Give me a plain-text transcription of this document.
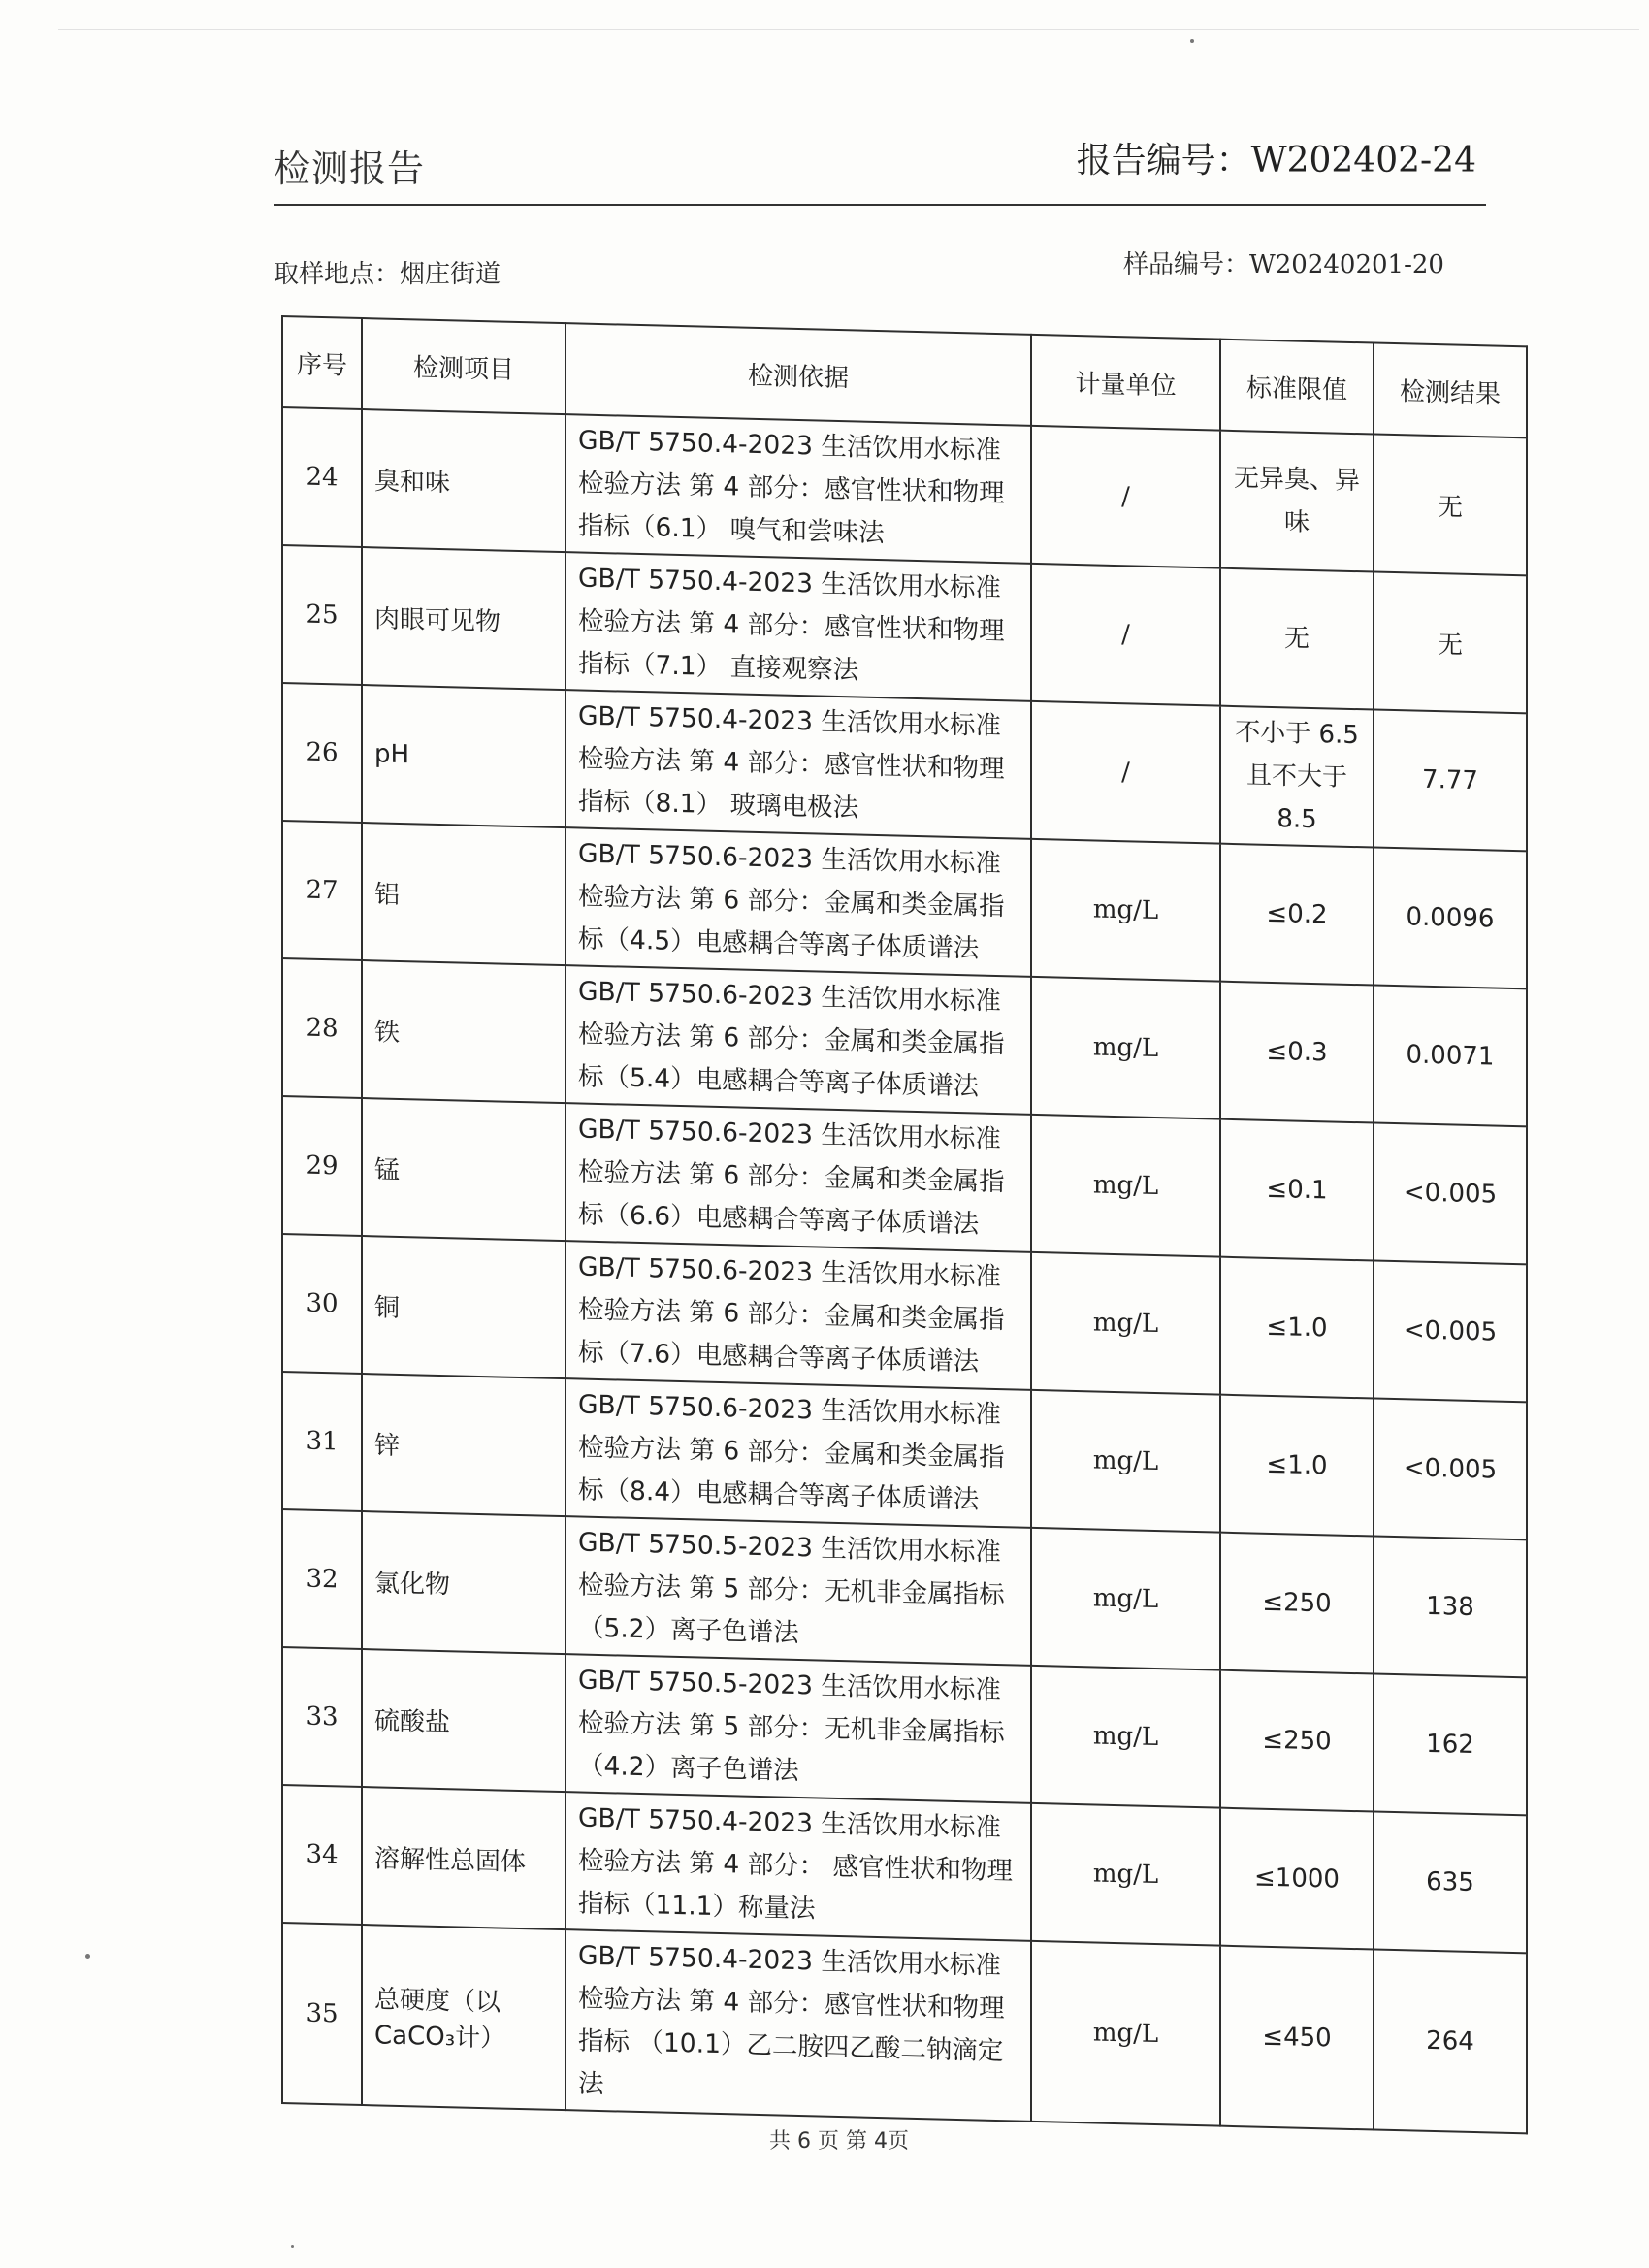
检测报告	报告编号：W202402-24
取样地点：烟庄街道	样品编号：W20240201-20
序号	检测项目	检测依据	计量单位	标准限值	检测结果
24	臭和味	GB/T 5750.4-2023 生活饮用水标准检验方法 第 4 部分：感官性状和物理指标（6.1） 嗅气和尝味法	/	无异臭、异味	无
25	肉眼可见物	GB/T 5750.4-2023 生活饮用水标准检验方法 第 4 部分：感官性状和物理指标（7.1） 直接观察法	/	无	无
26	pH	GB/T 5750.4-2023 生活饮用水标准检验方法 第 4 部分：感官性状和物理指标（8.1） 玻璃电极法	/	不小于 6.5 且不大于 8.5	7.77
27	铝	GB/T 5750.6-2023 生活饮用水标准检验方法 第 6 部分：金属和类金属指标（4.5）电感耦合等离子体质谱法	mg/L	≤0.2	0.0096
28	铁	GB/T 5750.6-2023 生活饮用水标准检验方法 第 6 部分：金属和类金属指标（5.4）电感耦合等离子体质谱法	mg/L	≤0.3	0.0071
29	锰	GB/T 5750.6-2023 生活饮用水标准检验方法 第 6 部分：金属和类金属指标（6.6）电感耦合等离子体质谱法	mg/L	≤0.1	<0.005
30	铜	GB/T 5750.6-2023 生活饮用水标准检验方法 第 6 部分：金属和类金属指标（7.6）电感耦合等离子体质谱法	mg/L	≤1.0	<0.005
31	锌	GB/T 5750.6-2023 生活饮用水标准检验方法 第 6 部分：金属和类金属指标（8.4）电感耦合等离子体质谱法	mg/L	≤1.0	<0.005
32	氯化物	GB/T 5750.5-2023 生活饮用水标准检验方法 第 5 部分：无机非金属指标（5.2）离子色谱法	mg/L	≤250	138
33	硫酸盐	GB/T 5750.5-2023 生活饮用水标准检验方法 第 5 部分：无机非金属指标（4.2）离子色谱法	mg/L	≤250	162
34	溶解性总固体	GB/T 5750.4-2023 生活饮用水标准检验方法 第 4 部分： 感官性状和物理指标（11.1）称量法	mg/L	≤1000	635
35	总硬度（以CaCO₃计）	GB/T 5750.4-2023 生活饮用水标准检验方法 第 4 部分：感官性状和物理指标 （10.1）乙二胺四乙酸二钠滴定法	mg/L	≤450	264
共 6 页 第 4页
